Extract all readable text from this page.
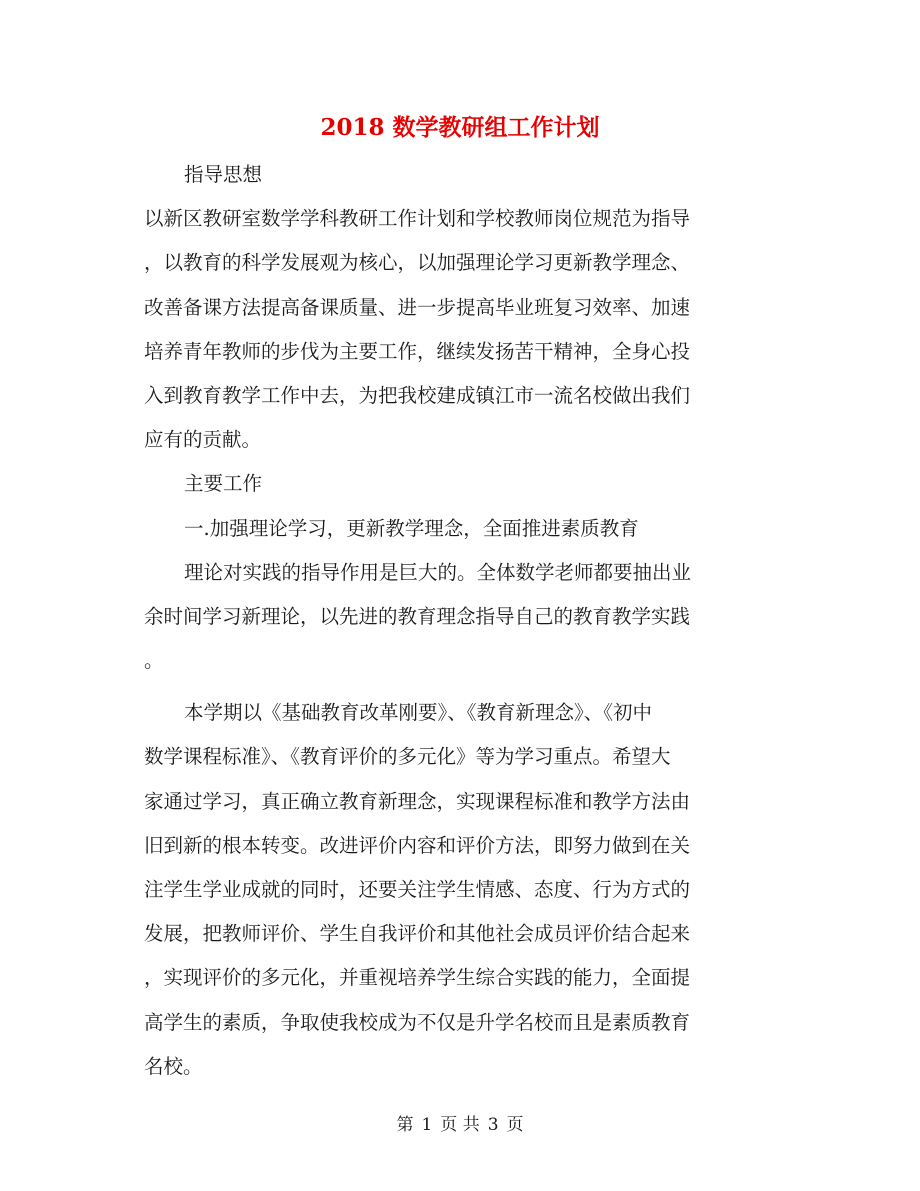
2018 数学教研组工作计划
指导思想
以新区教研室数学学科教研工作计划和学校教师岗位规范为指导
，以教育的科学发展观为核心，以加强理论学习更新教学理念、
改善备课方法提高备课质量、进一步提高毕业班复习效率、加速
培养青年教师的步伐为主要工作，继续发扬苦干精神，全身心投
入到教育教学工作中去，为把我校建成镇江市一流名校做出我们
应有的贡献。
主要工作
一.加强理论学习，更新教学理念，全面推进素质教育
理论对实践的指导作用是巨大的。全体数学老师都要抽出业
余时间学习新理论，以先进的教育理念指导自己的教育教学实践
。
本学期以《基础教育改革刚要》、《教育新理念》、《初中
数学课程标准》、《教育评价的多元化》等为学习重点。希望大
家通过学习，真正确立教育新理念，实现课程标准和教学方法由
旧到新的根本转变。改进评价内容和评价方法，即努力做到在关
注学生学业成就的同时，还要关注学生情感、态度、行为方式的
发展，把教师评价、学生自我评价和其他社会成员评价结合起来
，实现评价的多元化，并重视培养学生综合实践的能力，全面提
高学生的素质，争取使我校成为不仅是升学名校而且是素质教育
名校。
第 1 页 共 3 页
